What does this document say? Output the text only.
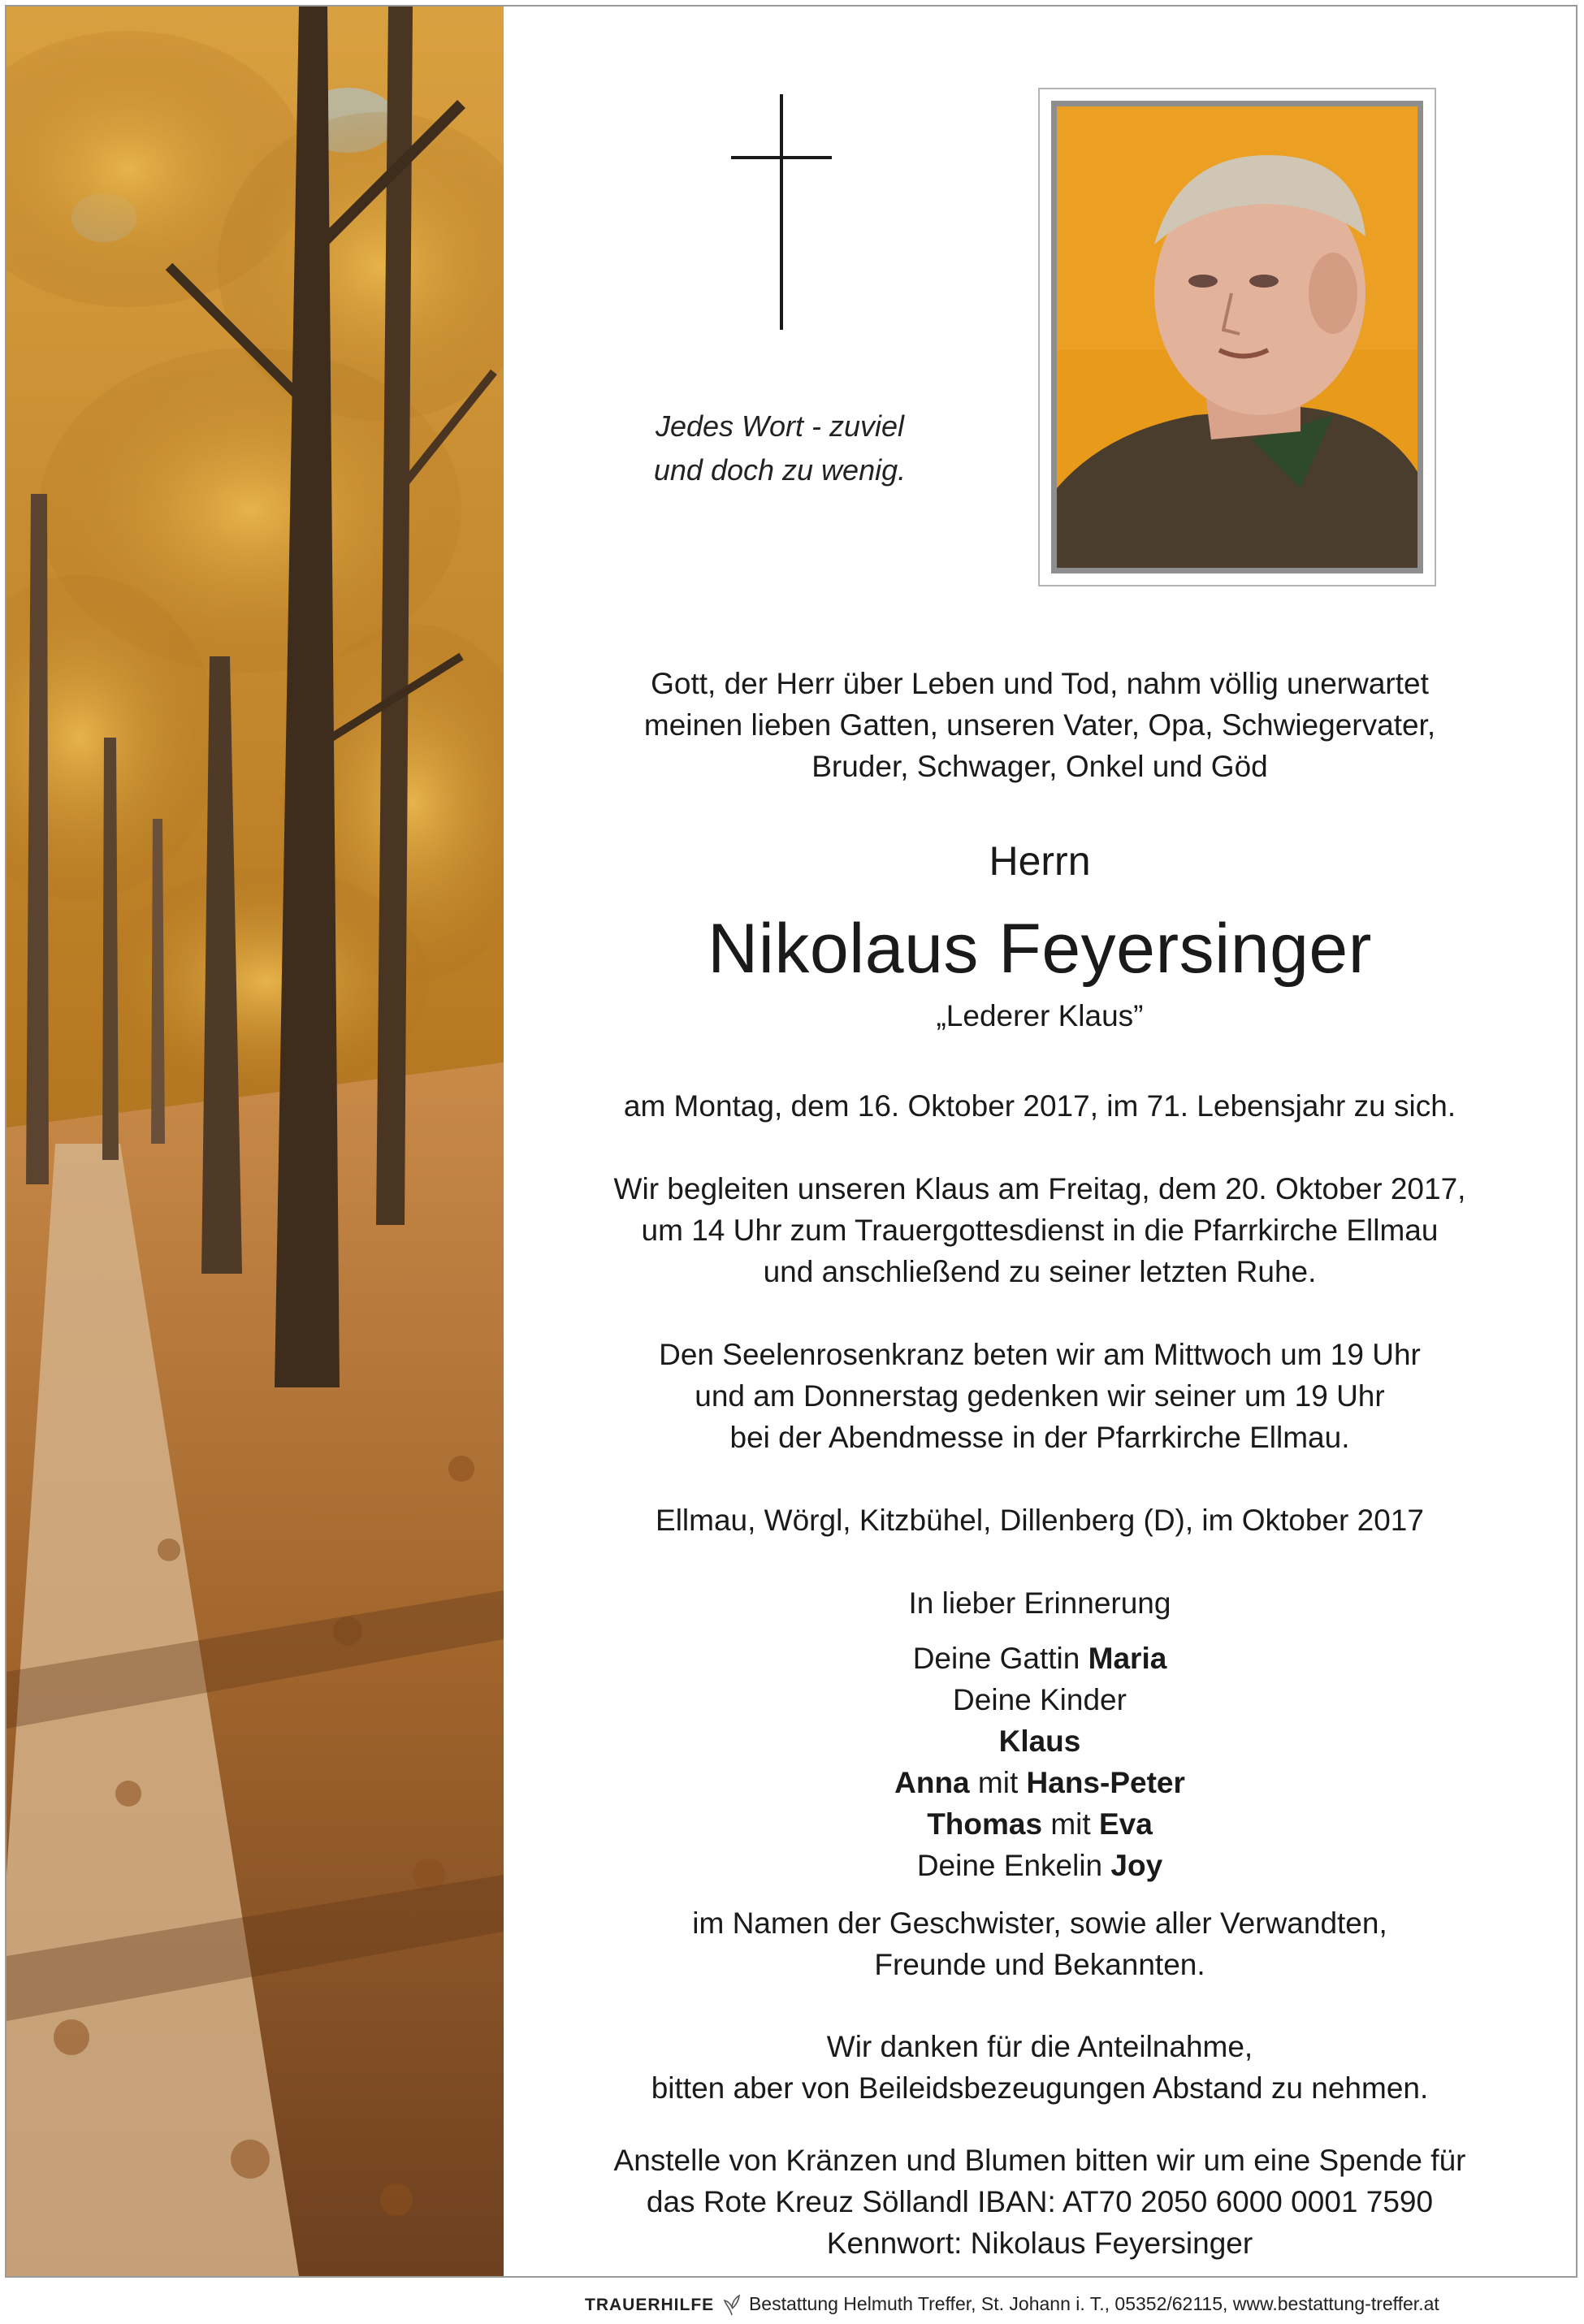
Jedes Wort - zuviel
und doch zu wenig.

Gott, der Herr über Leben und Tod, nahm völlig unerwartet

meinen lieben Gatten, unseren Vater, Opa, Schwiegervater,

Bruder, Schwager, Onkel und Göd

Herrn
Nikolaus Feyersinger
„Lederer Klaus”
am Montag, dem 16. Oktober 2017, im 71. Lebensjahr zu sich.

Wir begleiten unseren Klaus am Freitag, dem 20. Oktober 2017,

um 14 Uhr zum Trauergottesdienst in die Pfarrkirche Ellmau

und anschließend zu seiner letzten Ruhe.

Den Seelenrosenkranz beten wir am Mittwoch um 19 Uhr

und am Donnerstag gedenken wir seiner um 19 Uhr

bei der Abendmesse in der Pfarrkirche Ellmau.

Ellmau, Wörgl, Kitzbühel, Dillenberg (D), im Oktober 2017
In lieber Erinnerung

Deine Gattin Maria

Deine Kinder

Klaus

Anna mit Hans-Peter

Thomas mit Eva

Deine Enkelin Joy

im Namen der Geschwister, sowie aller Verwandten,

Freunde und Bekannten.

Wir danken für die Anteilnahme,

bitten aber von Beileidsbezeugungen Abstand zu nehmen.

Anstelle von Kränzen und Blumen bitten wir um eine Spende für

das Rote Kreuz Söllandl IBAN: AT70 2050 6000 0001 7590

Kennwort: Nikolaus Feyersinger

TRAUERHILFE Bestattung Helmuth Treffer, St. Johann i. T., 05352/62115, www.bestattung-treffer.at
